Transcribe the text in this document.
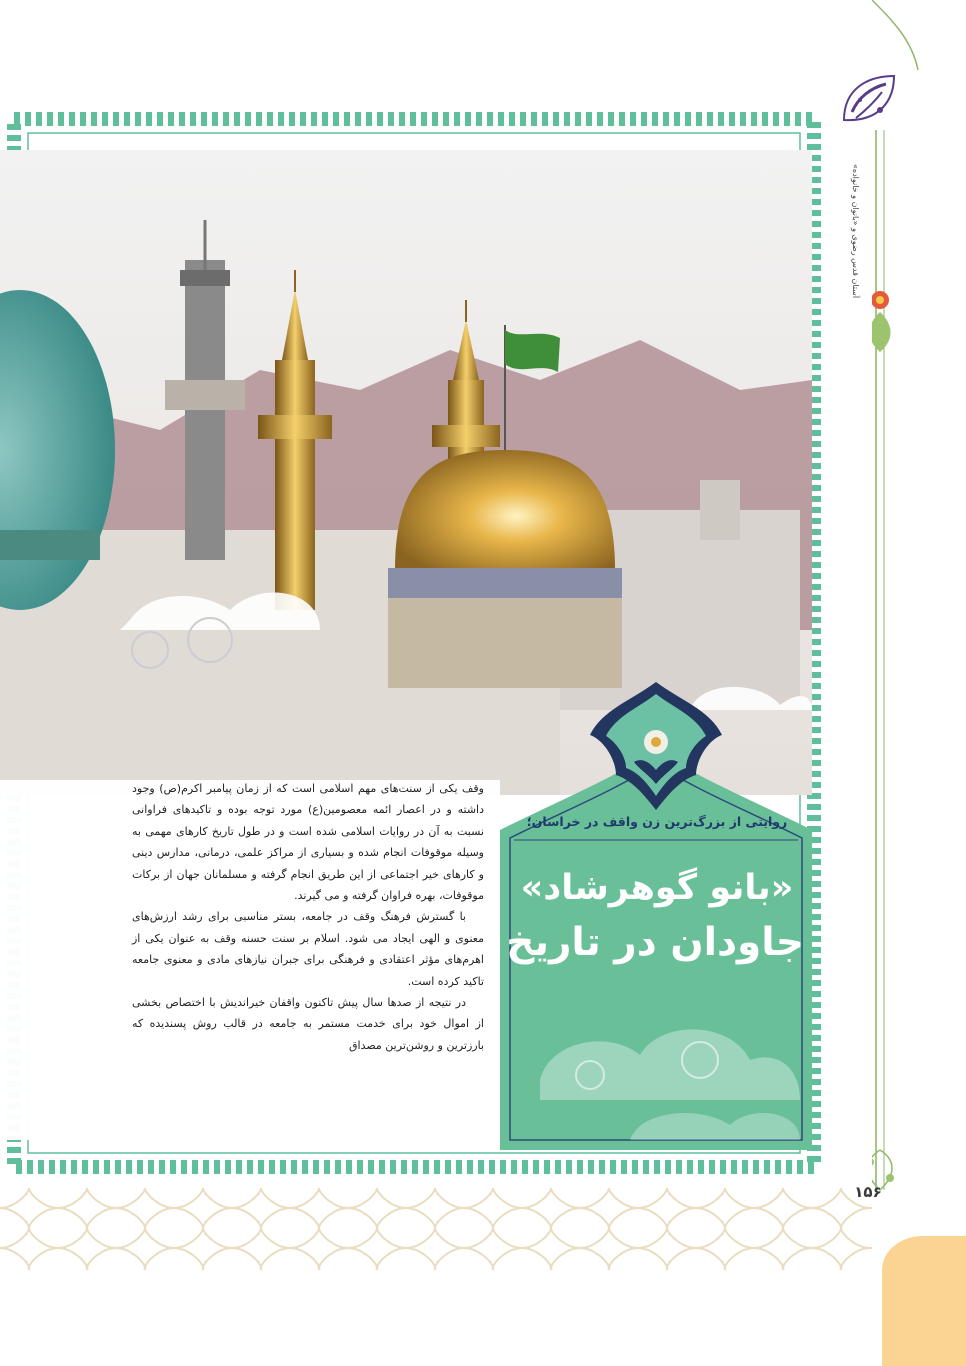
آستان قدس رضوی و «بانوان و خانواده»

وقف یکی از سنت‌های مهم اسلامی است که از زمان پیامبر اکرم(ص) وجود داشته و در اعصار ائمه معصومین(ع) مورد توجه بوده و تاکیدهای فراوانی نسبت به آن در روایات اسلامی شده است و در طول تاریخ کارهای مهمی به وسیله موقوفات انجام شده و بسیاری از مراکز علمی، درمانی، مدارس دینی و کارهای خیر اجتماعی از این طریق انجام گرفته و مسلمانان جهان از برکات موقوفات، بهره فراوان گرفته و می گیرند.

با گسترش فرهنگ وقف در جامعه، بستر مناسبی برای رشد ارزش‌های معنوی و الهی ایجاد می شود. اسلام بر سنت حسنه وقف به عنوان یکی از اهرم‌های مؤثر اعتقادی و فرهنگی برای جبران نیازهای مادی و معنوی جامعه تاکید کرده است.

در نتیجه از صدها سال پیش تاکنون واقفان خیراندیش با اختصاص بخشی از اموال خود برای خدمت مستمر به جامعه در قالب روش پسندیده که بارزترین و روشن‌ترین مصداق

روایتی از بزرگ‌ترین زن واقف در خراسان؛
«بانو گوهرشاد»
جاودان در تاریخ
۱۵۶
